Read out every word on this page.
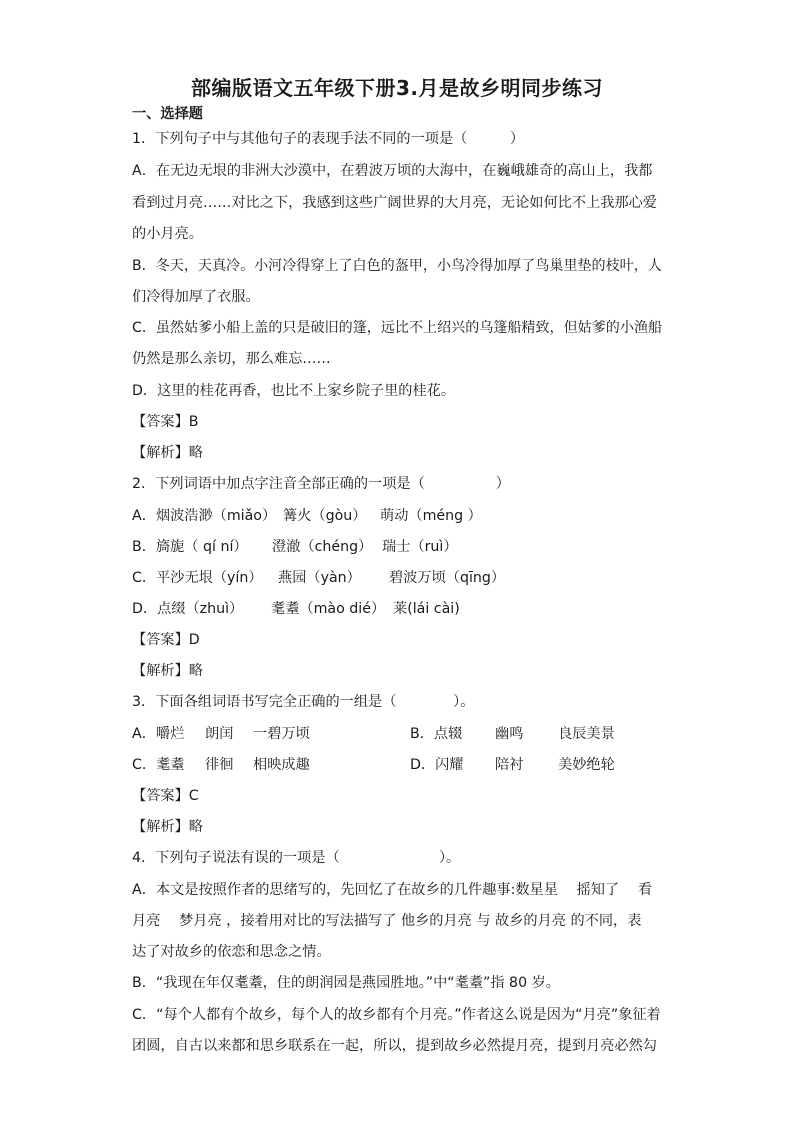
部编版语文五年级下册3.月是故乡明同步练习
一、选择题
1．下列句子中与其他句子的表现手法不同的一项是（　　　）
A．在无边无垠的非洲大沙漠中，在碧波万顷的大海中，在巍峨雄奇的高山上，我都
看到过月亮……对比之下，我感到这些广阔世界的大月亮，无论如何比不上我那心爱
的小月亮。
B．冬天，天真冷。小河冷得穿上了白色的盔甲，小鸟冷得加厚了鸟巢里垫的枝叶，人
们冷得加厚了衣服。
C．虽然姑爹小船上盖的只是破旧的篷，远比不上绍兴的乌篷船精致，但姑爹的小渔船
仍然是那么亲切，那么难忘……
D．这里的桂花再香，也比不上家乡院子里的桂花。
【答案】B
【解析】略
2．下列词语中加点字注音全部正确的一项是（　　　　　）
A．烟波浩渺（miǎo） 篝火（gòu） 萌动（méng ）
B．旖旎（ qí ní） 澄澈（chéng） 瑞士（ruì）
C．平沙无垠（yín） 燕园（yàn） 碧波万顷（qīng）
D．点缀（zhuì） 耄耋（mào dié） 莱(lái cài)
【答案】D
【解析】略
3．下面各组词语书写完全正确的一组是（　　　　）。
A．嚼烂 朗闰 一碧万顷	B．点辍 幽鸣 良辰美景
C．耄耋 徘徊 相映成趣	D．闪耀 陪衬 美妙绝轮
【答案】C
【解析】略
4．下列句子说法有误的一项是（　　　　　　　）。
A．本文是按照作者的思绪写的，先回忆了在故乡的几件趣事:数星星　 摇知了　 看
月亮　 梦月亮 ，接着用对比的写法描写了 他乡的月亮 与 故乡的月亮 的不同，表
达了对故乡的依恋和思念之情。
B．“我现在年仅耄耋，住的朗润园是燕园胜地。”中“耄耋”指 80 岁。
C．“每个人都有个故乡，每个人的故乡都有个月亮。”作者这么说是因为“月亮”象征着
团圆，自古以来都和思乡联系在一起，所以，提到故乡必然提月亮，提到月亮必然勾
